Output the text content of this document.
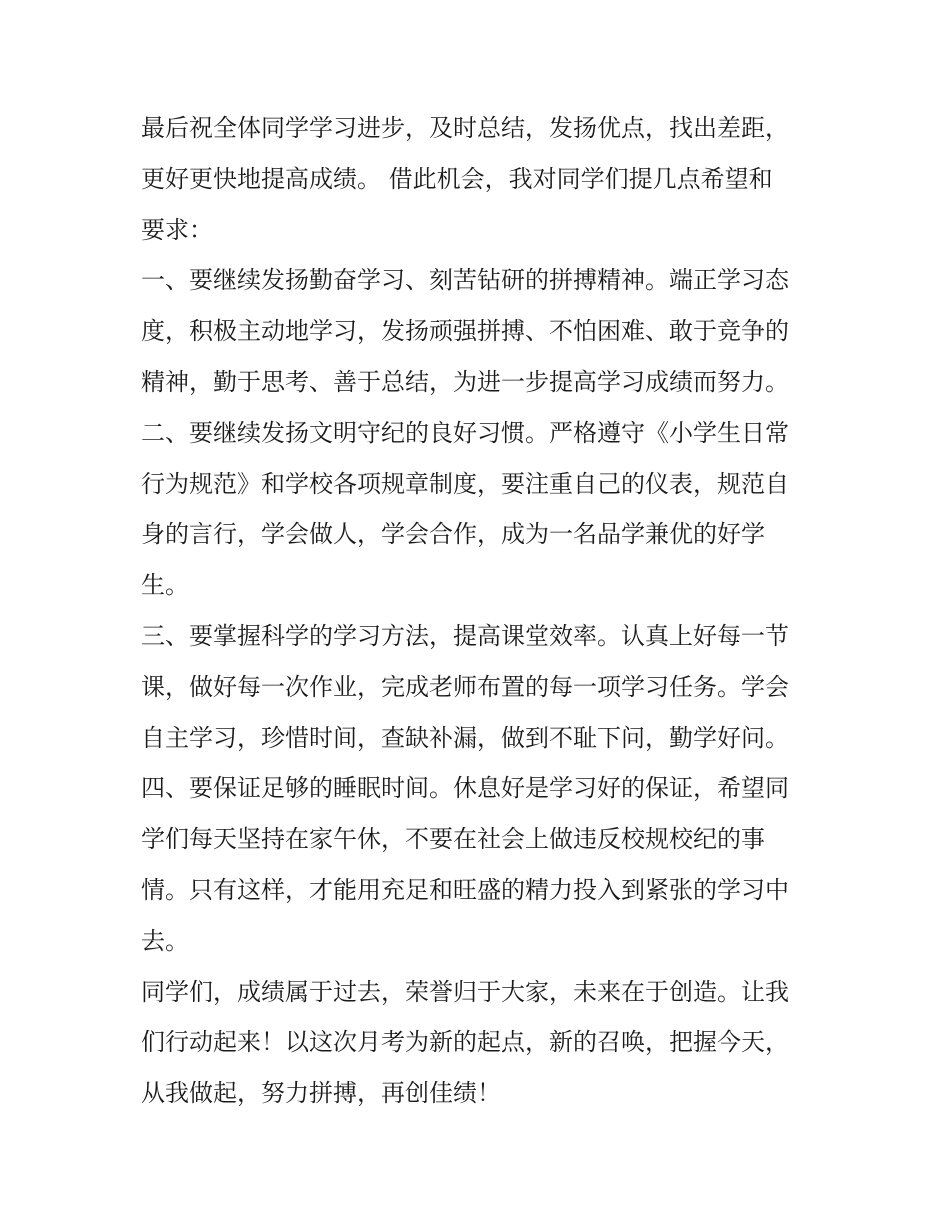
最后祝全体同学学习进步，及时总结，发扬优点，找出差距，
更好更快地提高成绩。 借此机会，我对同学们提几点希望和
要求：
一、要继续发扬勤奋学习、刻苦钻研的拼搏精神。端正学习态
度，积极主动地学习，发扬顽强拼搏、不怕困难、敢于竞争的
精神，勤于思考、善于总结，为进一步提高学习成绩而努力。
二、要继续发扬文明守纪的良好习惯。严格遵守《小学生日常
行为规范》和学校各项规章制度，要注重自己的仪表，规范自
身的言行，学会做人，学会合作，成为一名品学兼优的好学
生。
三、要掌握科学的学习方法，提高课堂效率。认真上好每一节
课，做好每一次作业，完成老师布置的每一项学习任务。学会
自主学习，珍惜时间，查缺补漏，做到不耻下问，勤学好问。
四、要保证足够的睡眠时间。休息好是学习好的保证，希望同
学们每天坚持在家午休，不要在社会上做违反校规校纪的事
情。只有这样，才能用充足和旺盛的精力投入到紧张的学习中
去。
同学们，成绩属于过去，荣誉归于大家，未来在于创造。让我
们行动起来！以这次月考为新的起点，新的召唤，把握今天，
从我做起，努力拼搏，再创佳绩！
